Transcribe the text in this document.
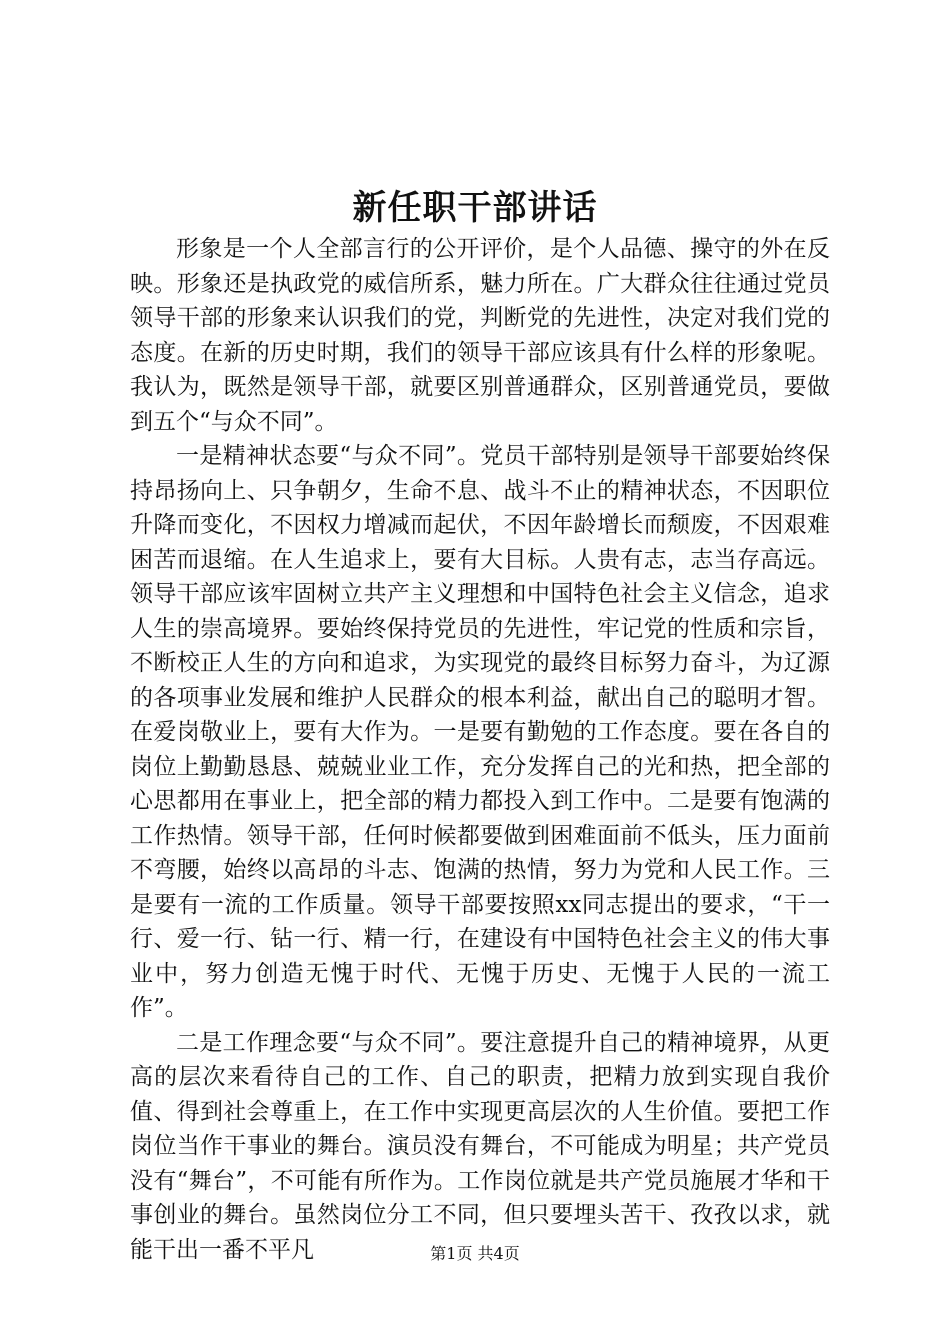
新任职干部讲话

形象是一个人全部言行的公开评价，是个人品德、操守的外在反映。形象还是执政党的威信所系，魅力所在。广大群众往往通过党员领导干部的形象来认识我们的党，判断党的先进性，决定对我们党的态度。在新的历史时期，我们的领导干部应该具有什么样的形象呢。我认为，既然是领导干部，就要区别普通群众，区别普通党员，要做到五个“与众不同”。

一是精神状态要“与众不同”。党员干部特别是领导干部要始终保持昂扬向上、只争朝夕，生命不息、战斗不止的精神状态，不因职位升降而变化，不因权力增减而起伏，不因年龄增长而颓废，不因艰难困苦而退缩。在人生追求上，要有大目标。人贵有志，志当存高远。领导干部应该牢固树立共产主义理想和中国特色社会主义信念，追求人生的崇高境界。要始终保持党员的先进性，牢记党的性质和宗旨，不断校正人生的方向和追求，为实现党的最终目标努力奋斗，为辽源的各项事业发展和维护人民群众的根本利益，献出自己的聪明才智。在爱岗敬业上，要有大作为。一是要有勤勉的工作态度。要在各自的岗位上勤勤恳恳、兢兢业业工作，充分发挥自己的光和热，把全部的心思都用在事业上，把全部的精力都投入到工作中。二是要有饱满的工作热情。领导干部，任何时候都要做到困难面前不低头，压力面前不弯腰，始终以高昂的斗志、饱满的热情，努力为党和人民工作。三是要有一流的工作质量。领导干部要按照xx同志提出的要求，“干一行、爱一行、钻一行、精一行，在建设有中国特色社会主义的伟大事业中，努力创造无愧于时代、无愧于历史、无愧于人民的一流工作”。

二是工作理念要“与众不同”。要注意提升自己的精神境界，从更高的层次来看待自己的工作、自己的职责，把精力放到实现自我价值、得到社会尊重上，在工作中实现更高层次的人生价值。要把工作岗位当作干事业的舞台。演员没有舞台，不可能成为明星；共产党员没有“舞台”，不可能有所作为。工作岗位就是共产党员施展才华和干事创业的舞台。虽然岗位分工不同，但只要埋头苦干、孜孜以求，就能干出一番不平凡	第1页 共4页
